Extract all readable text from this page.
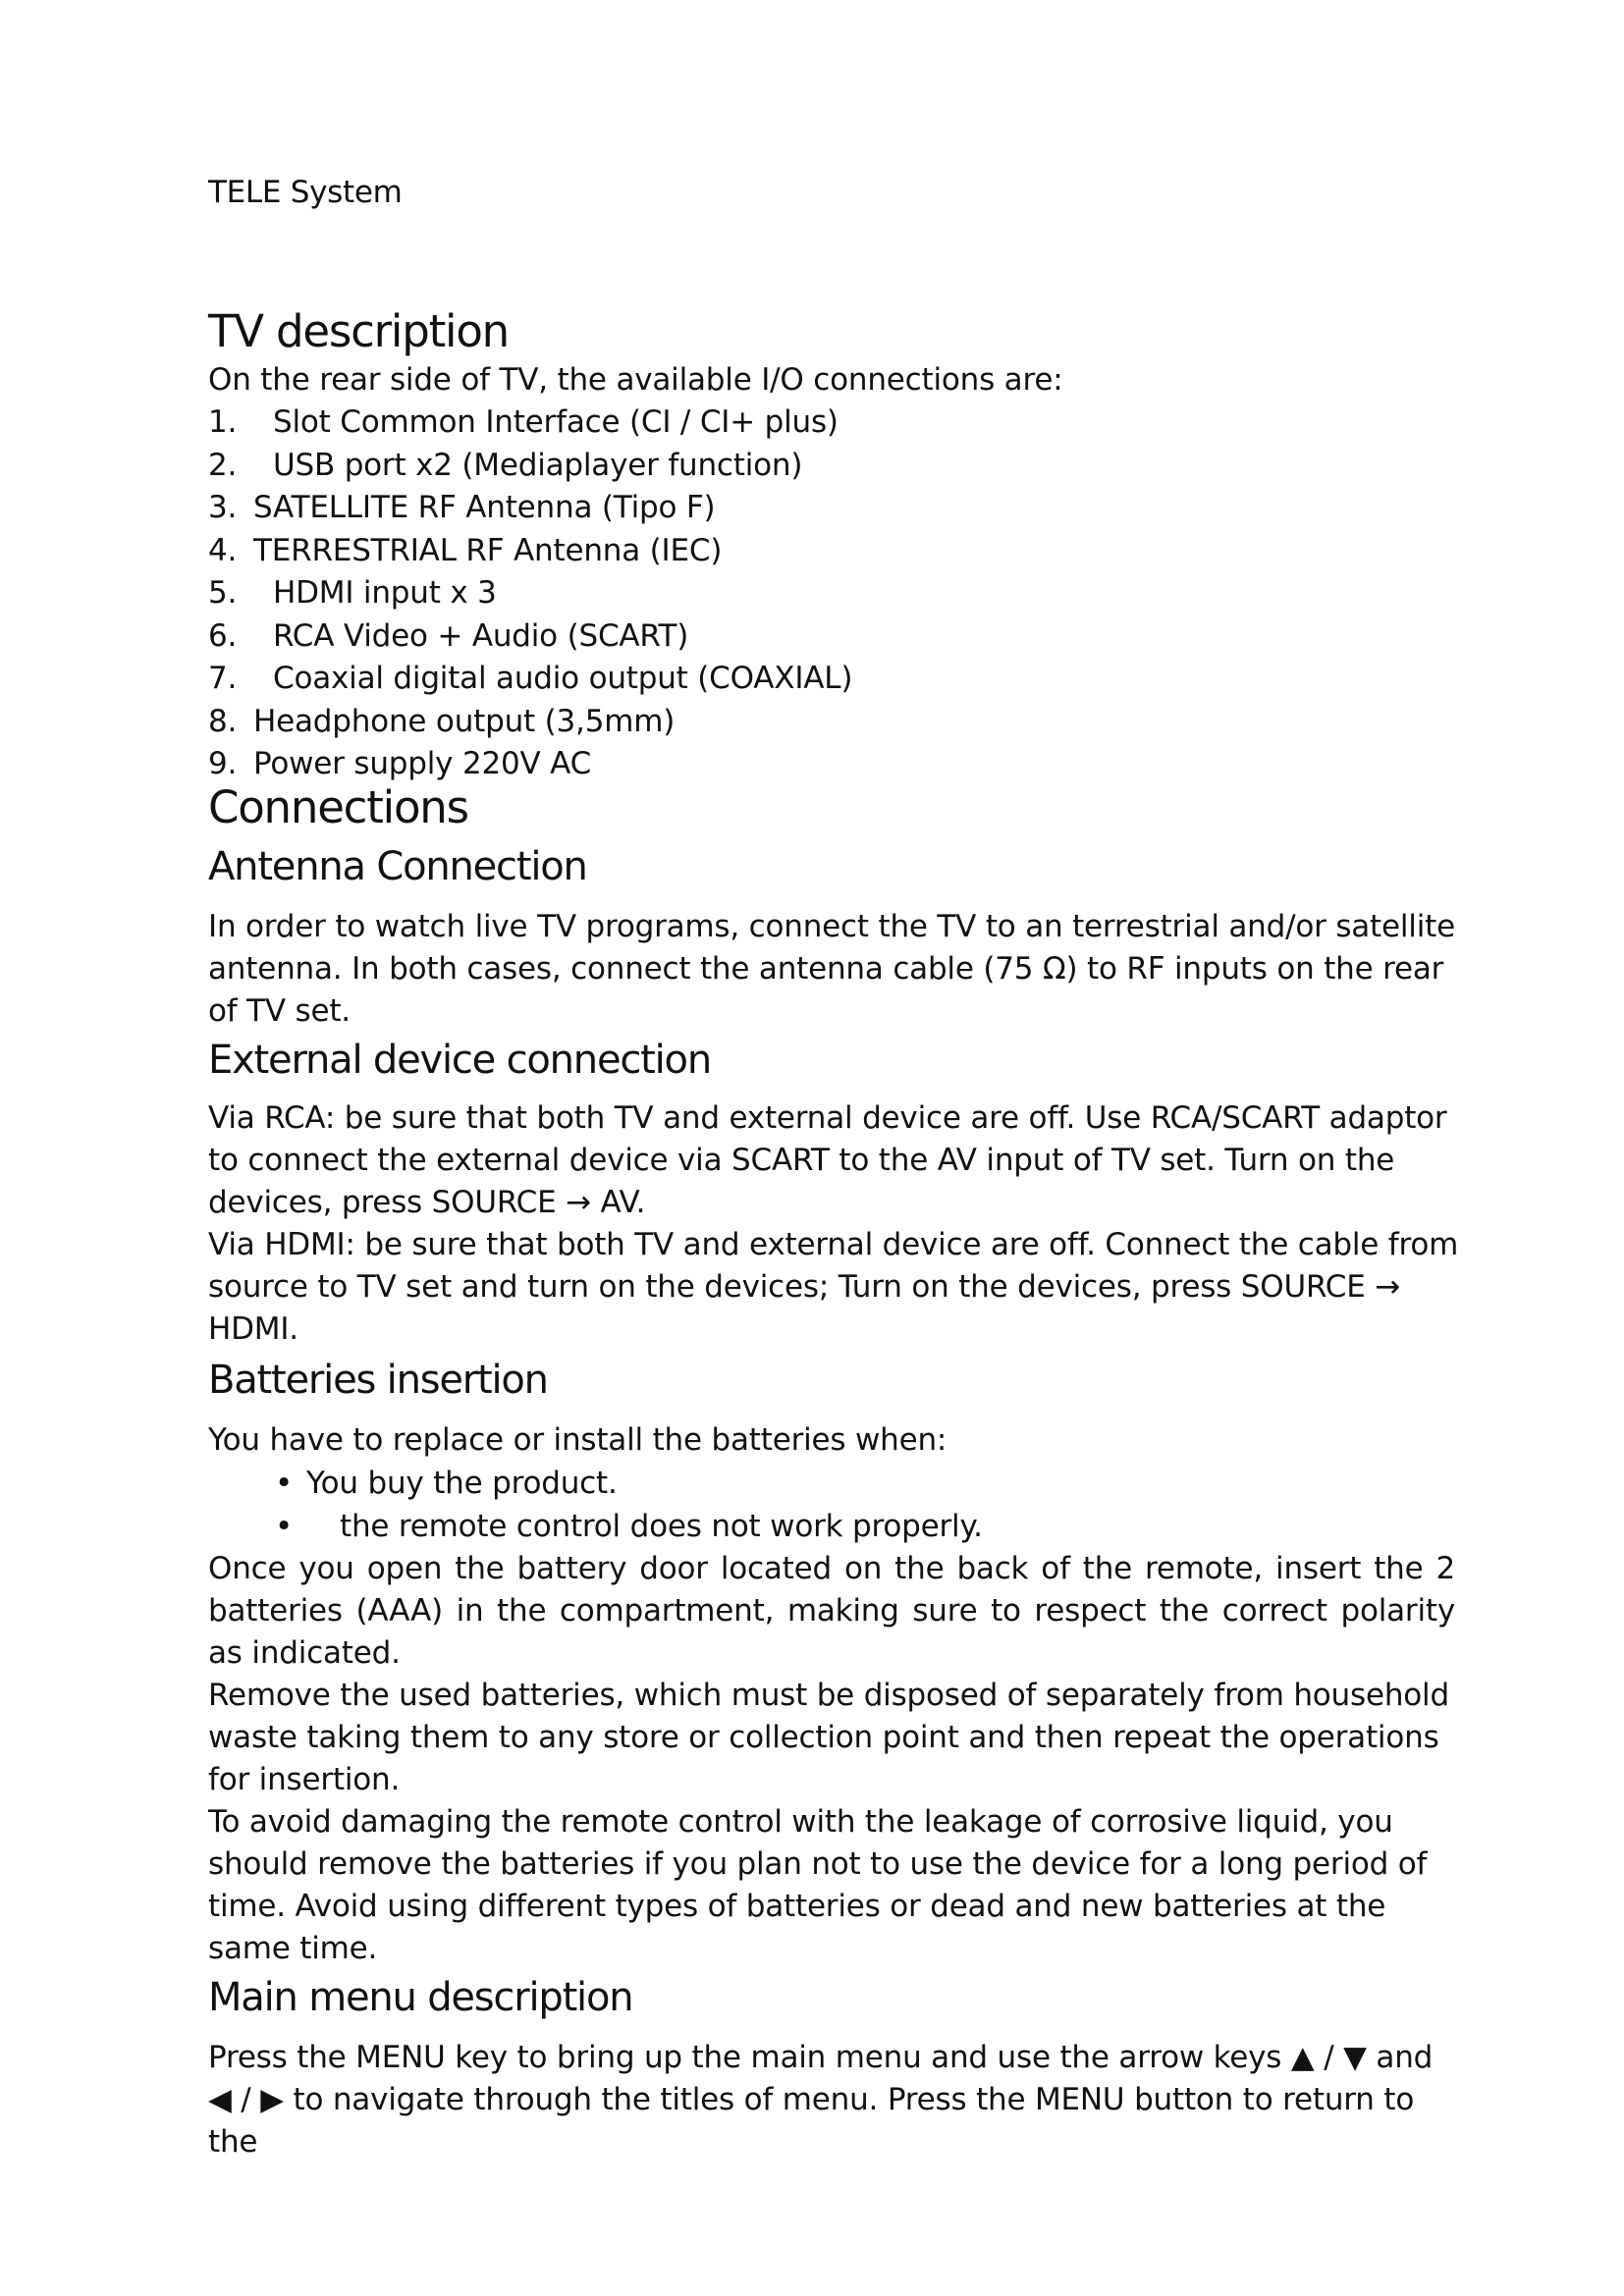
TELE System
TV description

On the rear side of TV, the available I/O connections are:

1. Slot Common Interface (CI / CI+ plus)
2. USB port x2 (Mediaplayer function)
3. SATELLITE RF Antenna (Tipo F)
4. TERRESTRIAL RF Antenna (IEC)
5. HDMI input x 3
6. RCA Video + Audio (SCART)
7. Coaxial digital audio output (COAXIAL)
8. Headphone output (3,5mm)
9. Power supply 220V AC
Connections
Antenna Connection

In order to watch live TV programs, connect the TV to an terrestrial and/or satellite antenna. In both cases, connect the antenna cable (75 Ω) to RF inputs on the rear of TV set.

External device connection

Via RCA: be sure that both TV and external device are off. Use RCA/SCART adaptor to connect the external device via SCART to the AV input of TV set. Turn on the devices, press SOURCE → AV.

Via HDMI: be sure that both TV and external device are off. Connect the cable from source to TV set and turn on the devices; Turn on the devices, press SOURCE → HDMI.

Batteries insertion

You have to replace or install the batteries when:

• You buy the product.
• the remote control does not work properly.

Once you open the battery door located on the back of the remote, insert the 2 batteries (AAA) in the compartment, making sure to respect the correct polarity as indicated.

Remove the used batteries, which must be disposed of separately from household waste taking them to any store or collection point and then repeat the operations for insertion.

To avoid damaging the remote control with the leakage of corrosive liquid, you should remove the batteries if you plan not to use the device for a long period of time. Avoid using different types of batteries or dead and new batteries at the same time.

Main menu description

Press the MENU key to bring up the main menu and use the arrow keys ▲ / ▼ and ◀ / ▶ to navigate through the titles of menu. Press the MENU button to return to the
